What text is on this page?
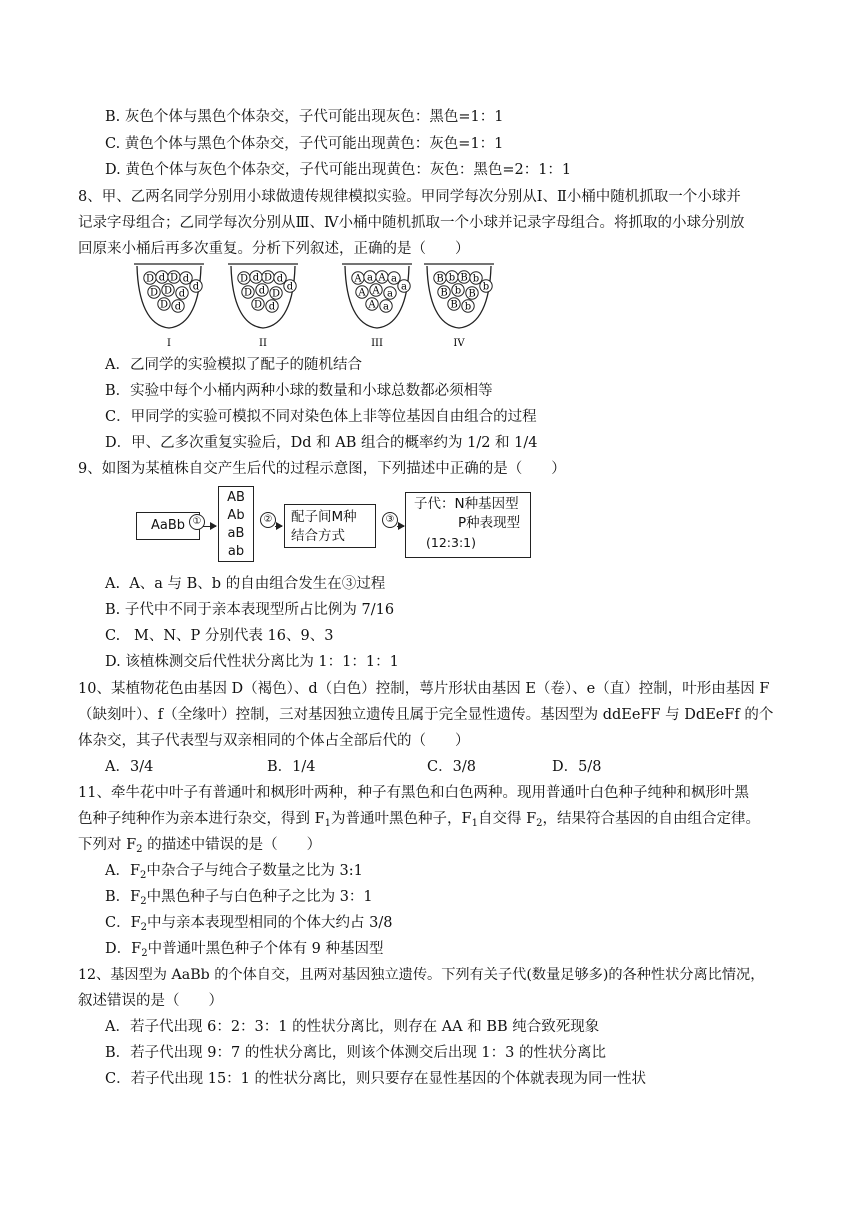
B. 灰色个体与黑色个体杂交，子代可能出现灰色：黑色=1：1
C. 黄色个体与黑色个体杂交，子代可能出现黄色：灰色=1：1
D. 黄色个体与灰色个体杂交，子代可能出现黄色：灰色：黑色=2：1：1
8、甲、乙两名同学分别用小球做遗传规律模拟实验。甲同学每次分别从Ⅰ、Ⅱ小桶中随机抓取一个小球并
记录字母组合；乙同学每次分别从Ⅲ、Ⅳ小桶中随机抓取一个小球并记录字母组合。将抓取的小球分别放
回原来小桶后再多次重复。分析下列叙述，正确的是（　　）
D d D d
d
D D d
D d
I
D d D d
d
D d D
D d
II
A a A a
a
A A a
A a
III
B b B b
b
B b B
B b
IV
A．乙同学的实验模拟了配子的随机结合
B．实验中每个小桶内两种小球的数量和小球总数都必须相等
C．甲同学的实验可模拟不同对染色体上非等位基因自由组合的过程
D．甲、乙多次重复实验后，Dd 和 AB 组合的概率约为 1/2 和 1/4
9、如图为某植株自交产生后代的过程示意图，下列描述中正确的是（　　）
AaBb ①
AB
Ab
aB
ab
② 配子间M种
结合方式
③
子代：N种基因型
P种表现型
(12:3:1)
A. A、a 与 B、b 的自由组合发生在③过程
B. 子代中不同于亲本表现型所占比例为 7/16
C. M、N、P 分别代表 16、9、3
D. 该植株测交后代性状分离比为 1：1：1：1
10、某植物花色由基因 D（褐色）、d（白色）控制，萼片形状由基因 E（卷）、e（直）控制，叶形由基因 F
（缺刻叶）、f（全缘叶）控制，三对基因独立遗传且属于完全显性遗传。基因型为 ddEeFF 与 DdEeFf 的个
体杂交，其子代表型与双亲相同的个体占全部后代的（　　）
A．3/4	B．1/4	C．3/8	D．5/8
11、牵牛花中叶子有普通叶和枫形叶两种，种子有黑色和白色两种。现用普通叶白色种子纯种和枫形叶黑
色种子纯种作为亲本进行杂交，得到 $F_1$为普通叶黑色种子，$F_1$自交得 $F_2$，结果符合基因的自由组合定律。
下列对 $F_2$ 的描述中错误的是（　　）
A．$F_2$中杂合子与纯合子数量之比为 3:1
B．$F_2$中黑色种子与白色种子之比为 3：1
C．$F_2$中与亲本表现型相同的个体大约占 3/8
D．$F_2$中普通叶黑色种子个体有 9 种基因型
12、基因型为 AaBb 的个体自交，且两对基因独立遗传。下列有关子代(数量足够多)的各种性状分离比情况，
叙述错误的是（　　）
A．若子代出现 6：2：3：1 的性状分离比，则存在 AA 和 BB 纯合致死现象
B．若子代出现 9：7 的性状分离比，则该个体测交后出现 1：3 的性状分离比
C．若子代出现 15：1 的性状分离比，则只要存在显性基因的个体就表现为同一性状
